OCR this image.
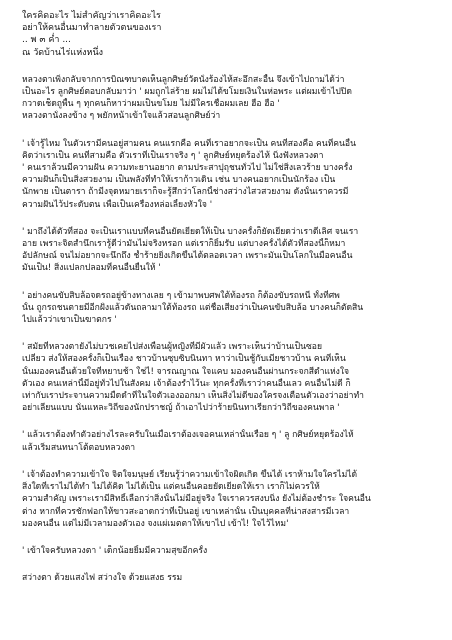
ใครคิดอะไร ไม่สำคัญว่าเราคิดอะไร
อย่าให้คนอื่นมาทำลายตัวตนของเรา
.. พ ๓ ค่ำ ...
ณ วัดบ้านไร่แห่งหนึ่ง
หลวงตาเพิ่งกลับจากการบิณฑบาตเห็นลูกศิษย์วัดนั่งร้องไห้สะอึกสะอื้น จึงเข้าไปถามได้ว่า
เป็นอะไร ลูกศิษย์ตอบกลับมาว่า ' ผมถูกไล่ร้าย ผมไม่ได้ขโมยเงินในห่อพระ แต่ผมเข้าไปปิด
กวาดเช็ดถูพื้น ๆ ทุกคนก็หาว่าผมเป็นขโมย ไม่มีใครเชื่อผมเลย ฮือ ฮือ '
หลวงตานั่งลงข้าง ๆ พยักหน้าเข้าใจแล้วสอนลูกศิษย์ว่า
' เจ้ารู้ไหม ในตัวเรามีคนอยู่สามคน คนแรกคือ คนที่เราอยากจะเป็น คนที่สองคือ คนที่คนอื่น
คิดว่าเราเป็น คนที่สามคือ ตัวเราที่เป็นเราจริง ๆ ' ลูกศิษย์หยุดร้องไห้ นิ่งฟังหลวงตา
' คนเราล้วนมีความฝัน ความทะยานอยาก ตามประสาปุถุชนทั่วไป ไม่ใช่สิ่งเลวร้าย บางครั้ง
ความฝันก็เป็นสิ่งสวยงาม เป็นพลังที่ทำให้เราก้าวเดิน เช่น บางคนอยากเป็นนักร้อง เป็น
นักพาย เป็นตารา ถ้ามีงจุดหมายเราก็จะรู้สึกว่าโลกนี้ช่างสว่างไสวสวยงาม ดังนั้นเราควรมี
ความฝันไว้ประดับตน เพื่อเป็นเครื่องหล่อเลี้ยงหัวใจ '
' มาถึงได้ตัวที่สอง จะเป็นเราแบบที่คนอื่นยัดเยียดให้เป็น บางครั้งก็ยัดเยียดว่าเราดีเลิศ จนเรา
อาย เพราะจิตสำนึกเรารู้ดีว่ามันไม่จริงหรอก แต่เราก็ยิ้มรับ แต่บางครั้งได้ตัวที่สองนี้ก็หมา
อัปลักษณ์ จนไม่อยากจะนึกถึง ช้ำร้ายยิ่งเกิดขึ้นได้ตลอดเวลา เพราะมันเป็นโลกในมือคนอื่น
มันเป็น! สิ่งแปลกปลอมที่คนอื่นยื่นให้ '
' อย่างคนขับสิบล้อจดรถอยู่ข้างทางเลย ๆ เข้ามาพบศพใต้ท้องรถ ก็ต้องขับรถหนี ทั้งที่ศพ
นั้น ถูกรถชนตายมีอีกฝั่งแล้วดันถลามาใต้ท้องรถ แต่ชื่อเสียงว่าเป็นคนขับสิบล้อ บางคนก็ตัดสิน
ไปแล้วว่าเขาเป็นฆาตกร '
' สมัยที่หลวงตายังไม่บวชเคยไปส่งเพื่อนผู้หญิงที่มีผัวแล้ว เพราะเห็นว่าบ้านเป็นซอย
เปลี่ยว ส่งให้สองครั้งก็เป็นเรื่อง ชาวบ้านซุบซิบนินทา หาว่าเป็นชู้กับเมียชาวบ้าน คนที่เห็น
นั้นมองคนอื่นด้วยใจที่หยาบช้า ใช่ไ! จารณญาณ ใจแคบ มองคนอื่นผ่านกระจกสีดำแห่งใจ
ตัวเอง คนเหล่านี้มีอยู่ทั่วไปในสังคม เจ้าต้องรำไว้นะ ทุกครั้งที่เราว่าคนอื่นเลว คนอื่นไม่ดี ก็
เท่ากับเราประจานความมืดดำที่ในใจตัวเองออกมา เห็นสิ่งไม่ดีของใครจงเตือนตัวเองว่าอย่าทำ
อย่าเลียนแบบ นั่นแหละวิถีของนักปราชญ์ ถ้าเอาไปว่าร้ายนินทาเรียกว่าวิถีของคนพาล '
' แล้วเราต้องทำตัวอย่างไรละครับในเมื่อเราต้องเจอคนเหล่านั้นเรื่อย ๆ ' ลู กศิษย์หยุดร้องไห้
แล้วเริ่มสนทนาโต้ตอบหลวงตา
' เจ้าต้องทำความเข้าใจ จิตใจมนุษย์ เรียนรู้ว่าความเข้าใจผิดเกิด ขึ้นได้ เราห้ามใจใครไม่ได้
สิ่งใดที่เราไม่ได้ทำ ไม่ได้คิด ไม่ได้เป็น แต่คนอื่นคอยยัดเยียดให้เรา เราก็ไม่ควรให้
ความสำคัญ เพราะเรามีสิทธิ์เลือกว่าสิ่งนั้นไม่มีอยู่จริง ใจเราควรสงบนิ่ง ยังไม่ต้องชำระ ใจคนอื่น
ต่าง หากที่ควรชักฟอกให้ขาวสะอาดกว่าที่เป็นอยู่ เขาเหล่านั้น เป็นบุคคลที่น่าสงสารมีเวลา
มองคนอื่น แต่ไม่มีเวลามองตัวเอง จงแผ่เมตตาให้เขาไป เข้าไ! ใจไว้ไหม'
' เข้าใจครับหลวงตา ' เด็กน้อยยิ้มมีความสุขอีกครั้ง
สว่างตา ด้วยแสงไฟ สว่างใจ ด้วยแสงธ รรม
